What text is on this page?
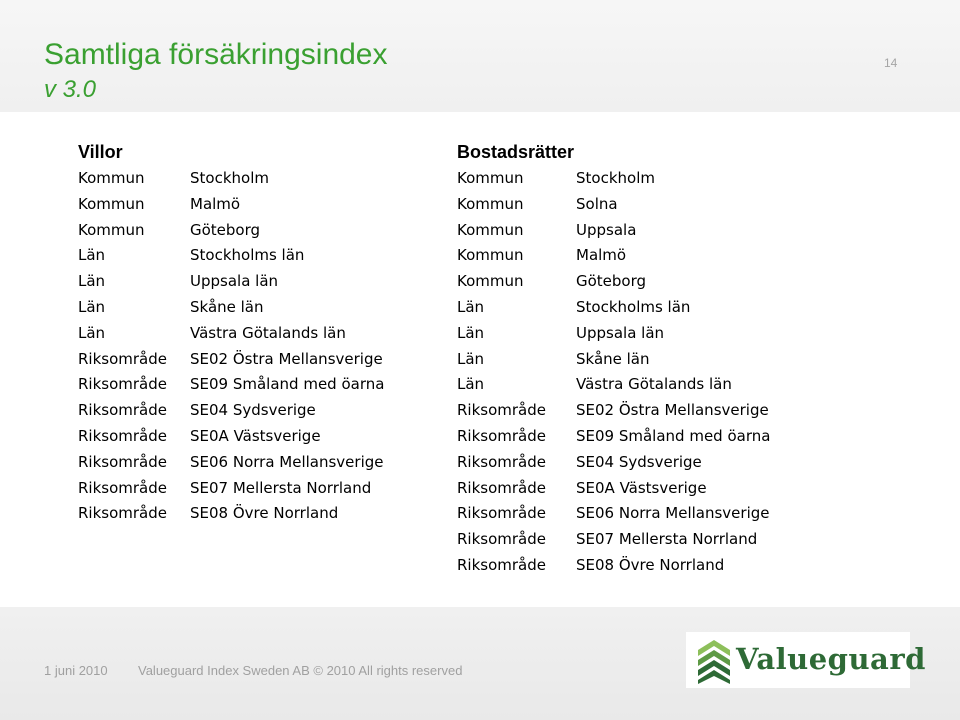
Samtliga försäkringsindex
v 3.0
14
Villor
Kommun	Stockholm
Kommun	Malmö
Kommun	Göteborg
Län	Stockholms län
Län	Uppsala län
Län	Skåne län
Län	Västra Götalands län
Riksområde SE02 Östra Mellansverige
Riksområde SE09 Småland med öarna
Riksområde SE04 Sydsverige
Riksområde SE0A Västsverige
Riksområde SE06 Norra Mellansverige
Riksområde SE07 Mellersta Norrland
Riksområde SE08 Övre Norrland
Bostadsrätter
Kommun	Stockholm
Kommun	Solna
Kommun	Uppsala
Kommun	Malmö
Kommun	Göteborg
Län	Stockholms län
Län	Uppsala län
Län	Skåne län
Län	Västra Götalands län
Riksområde SE02 Östra Mellansverige
Riksområde SE09 Småland med öarna
Riksområde SE04 Sydsverige
Riksområde SE0A Västsverige
Riksområde SE06 Norra Mellansverige
Riksområde SE07 Mellersta Norrland
Riksområde SE08 Övre Norrland
1 juni 2010 Valueguard Index Sweden AB © 2010 All rights reserved	Valueguard
